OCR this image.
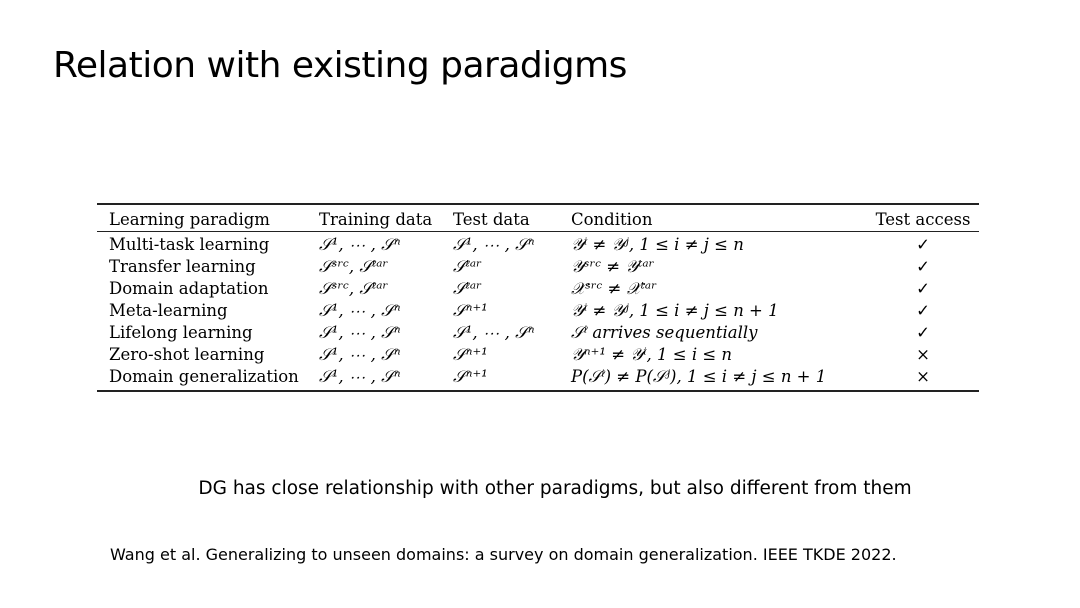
Relation with existing paradigms
Learning paradigm	Training data	Test data	Condition	Test access
Multi-task learning	𝒮¹, ⋯ , 𝒮ⁿ	𝒮¹, ⋯ , 𝒮ⁿ	𝒴ⁱ ≠ 𝒴ʲ, 1 ≤ i ≠ j ≤ n	✓
Transfer learning	𝒮ˢʳᶜ, 𝒮ᵗᵃʳ	𝒮ᵗᵃʳ	𝒴ˢʳᶜ ≠ 𝒴ᵗᵃʳ	✓
Domain adaptation	𝒮ˢʳᶜ, 𝒮ᵗᵃʳ	𝒮ᵗᵃʳ	𝒳ˢʳᶜ ≠ 𝒳ᵗᵃʳ	✓
Meta-learning	𝒮¹, ⋯ , 𝒮ⁿ	𝒮ⁿ⁺¹	𝒴ⁱ ≠ 𝒴ʲ, 1 ≤ i ≠ j ≤ n + 1	✓
Lifelong learning	𝒮¹, ⋯ , 𝒮ⁿ	𝒮¹, ⋯ , 𝒮ⁿ	𝒮ⁱ arrives sequentially	✓
Zero-shot learning	𝒮¹, ⋯ , 𝒮ⁿ	𝒮ⁿ⁺¹	𝒴ⁿ⁺¹ ≠ 𝒴ⁱ, 1 ≤ i ≤ n	×
Domain generalization	𝒮¹, ⋯ , 𝒮ⁿ	𝒮ⁿ⁺¹	P(𝒮ⁱ) ≠ P(𝒮ʲ), 1 ≤ i ≠ j ≤ n + 1	×
DG has close relationship with other paradigms, but also different from them
Wang et al. Generalizing to unseen domains: a survey on domain generalization. IEEE TKDE 2022.
